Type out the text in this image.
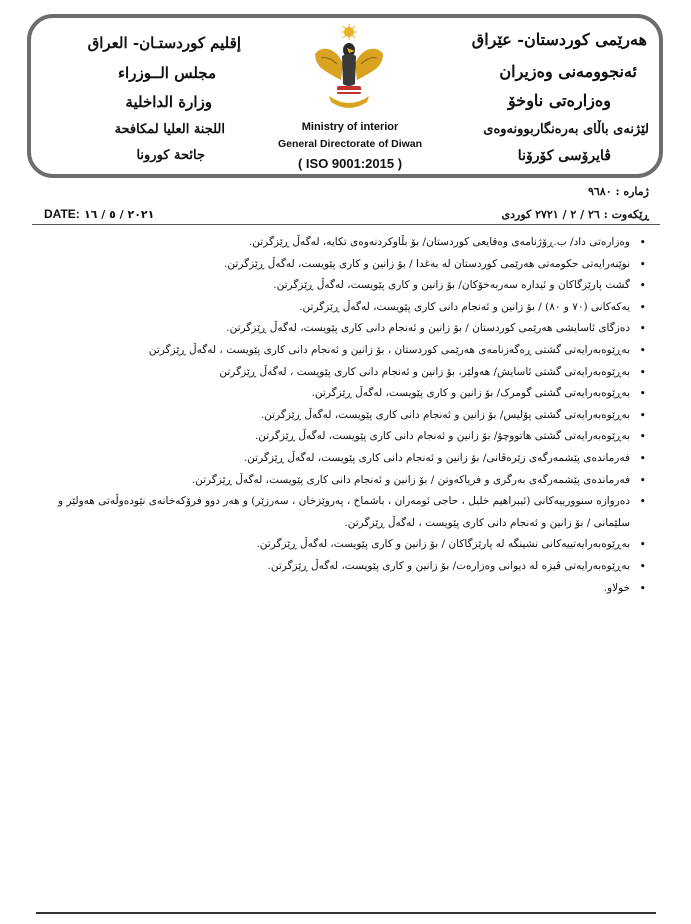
هەرێمی کوردستان- عێراق
ئەنجوومەنی وەزیران
وەزارەتی ناوخۆ
لێژنەی باڵای بەرەنگاربوونەوەی
ڤایرۆسی کۆرۆنا
إقليم كوردستـان- العراق
مجلس الــوزراء
وزارة الداخلية
اللجنة العليا لمكافحة
جائحة كورونا
Ministry of interior
General Directorate of Diwan
( ISO 9001:2015 )
ژمارە : ٩٦٨٠
ڕێکەوت : ٢٦ / ٢ / ٢٧٢١ کوردی
DATE: ٢٠٢١ / ٥ / ١٦
• وەزارەتی داد/ ب.ڕۆژنامەی وەقایعی کوردستان/ بۆ بڵاوکردنەوەی تکایە، لەگەڵ ڕێزگرتن.
• نوێنەرایەتی حکومەتی هەرێمی کوردستان لە بەغدا / بۆ زانین و کاری پێویست، لەگەڵ ڕێزگرتن.
• گشت پارێزگاکان و ئیدارە سەربەخۆکان/ بۆ زانین و کاری پێویست، لەگەڵ ڕێزگرتن.
• یەکەکانی (٧٠ و ٨٠) / بۆ زانین و ئەنجام دانی کاری پێویست، لەگەڵ ڕێزگرتن.
• دەزگای ئاسایشی هەرێمی کوردستان / بۆ زانین و ئەنجام دانی کاری پێویست، لەگەڵ ڕێزگرتن.
• بەڕێوەبەرایەتی گشتی ڕەگەزنامەی هەرێمی کوردستان ، بۆ زانین و ئەنجام دانی کاری پێویست ، لەگەڵ ڕێزگرتن
• بەڕێوەبەرایەتی گشتی ئاسایش/ هەولێر، بۆ زانین و ئەنجام دانی کاری پێویست ، لەگەڵ ڕێزگرتن
• بەڕێوەبەرایەتی گشتی گومرک/ بۆ زانین و کاری پێویست، لەگەڵ ڕێزگرتن.
• بەڕێوەبەرایەتی گشتی پۆلیس/ بۆ زانین و ئەنجام دانی کاری پێویست، لەگەڵ ڕێزگرتن.
• بەڕێوەبەرایەتی گشتی هاتووچۆ/ بۆ زانین و ئەنجام دانی کاری پێویست، لەگەڵ ڕێزگرتن.
• فەرماندەی پێشمەرگەی زێرەڤانی/ بۆ زانین و ئەنجام دانی کاری پێویست، لەگەڵ ڕێزگرتن.
• فەرماندەی پێشمەرگەی بەرگری و فریاکەوتن / بۆ زانین و ئەنجام دانی کاری پێویست، لەگەڵ ڕێزگرتن.
• دەروازە سنوورییەکانی (ئیبراهیم خلیل ، حاجی ئومەران ، باشماخ ، پەروێزخان ، سەرزێر) و هەر دوو فرۆکەخانەی نێودەوڵەتی هەولێر و سلێمانی / بۆ زانین و ئەنجام دانی کاری پێویست ، لەگەڵ ڕێزگرتن.
• بەڕێوەبەرایەتییەکانی نشینگە لە پارێزگاکان / بۆ زانین و کاری پێویست، لەگەڵ ڕێزگرتن.
• بەڕێوەبەرایەتی ڤیزە لە دیوانی وەزارەت/ بۆ زانین و کاری پێویست، لەگەڵ ڕێزگرتن.
• خولاو.
